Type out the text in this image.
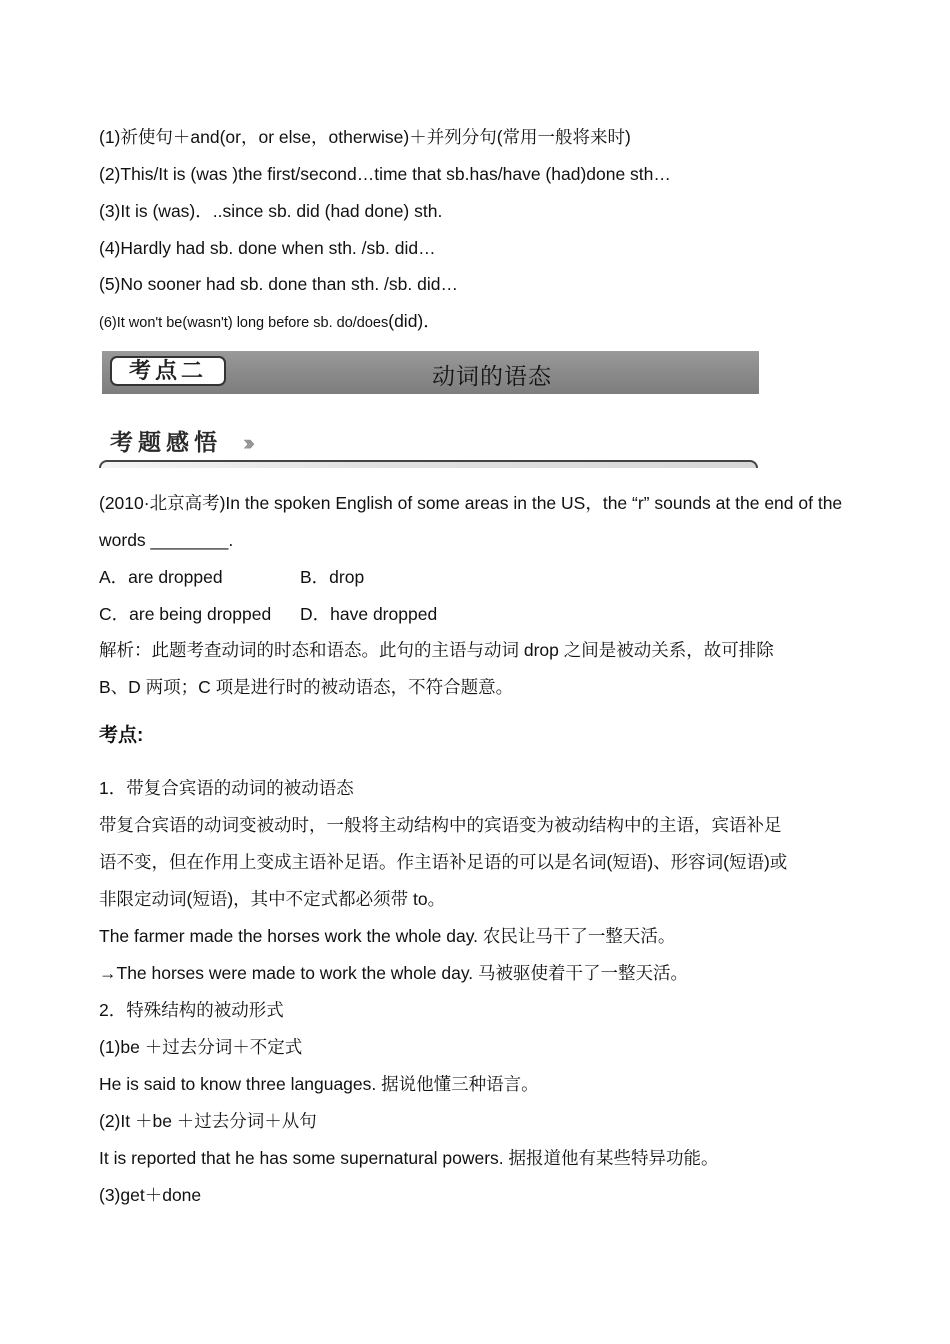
(1)祈使句＋and(or，or else，otherwise)＋并列分句(常用一般将来时)
(2)This/It is (was )the first/second…time that sb.has/have (had)done sth…
(3)It is (was)．..since sb. did (had done) sth.
(4)Hardly had sb. done when sth. /sb. did…
(5)No sooner had sb. done than sth. /sb. did…
(6)It won't be(wasn't) long before sb. do/does(did)．
考点二	动词的语态
考题感悟 ›››
(2010·北京高考)In the spoken English of some areas in the US，the “r” sounds at the end of the
words ________.
A．are dropped	B．drop
C．are being dropped D．have dropped
解析：此题考查动词的时态和语态。此句的主语与动词 drop 之间是被动关系，故可排除
B、D 两项；C 项是进行时的被动语态，不符合题意。
考点:
1．带复合宾语的动词的被动语态
带复合宾语的动词变被动时，一般将主动结构中的宾语变为被动结构中的主语，宾语补足
语不变，但在作用上变成主语补足语。作主语补足语的可以是名词(短语)、形容词(短语)或
非限定动词(短语)，其中不定式都必须带 to。
The farmer made the horses work the whole day. 农民让马干了一整天活。
→The horses were made to work the whole day. 马被驱使着干了一整天活。
2．特殊结构的被动形式
(1)be ＋过去分词＋不定式
He is said to know three languages. 据说他懂三种语言。
(2)It ＋be ＋过去分词＋从句
It is reported that he has some supernatural powers. 据报道他有某些特异功能。
(3)get＋done
